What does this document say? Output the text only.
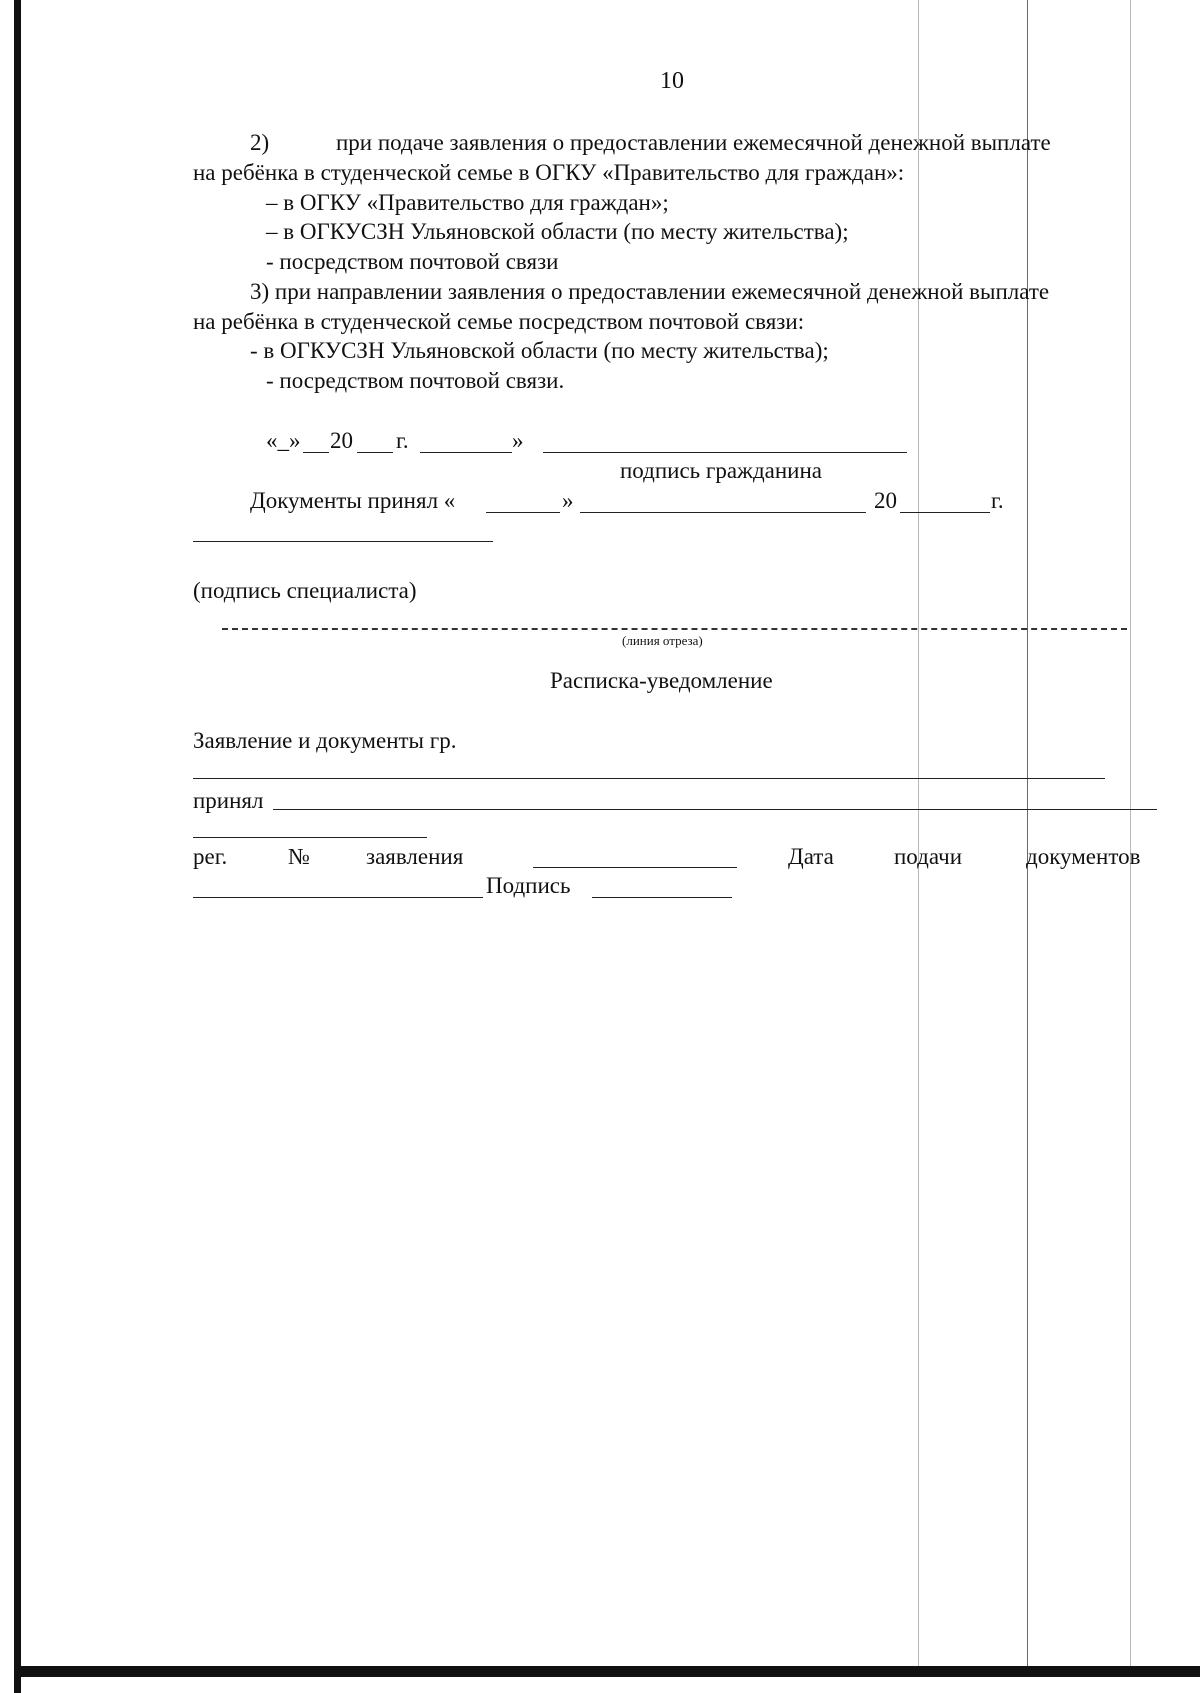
10
2)	при подаче заявления о предоставлении ежемесячной денежной выплате
на ребёнка в студенческой семье в ОГКУ «Правительство для граждан»:
– в ОГКУ «Правительство для граждан»;
– в ОГКУСЗН Ульяновской области (по месту жительства);
- посредством почтовой связи
3) при направлении заявления о предоставлении ежемесячной денежной выплате
на ребёнка в студенческой семье посредством почтовой связи:
- в ОГКУСЗН Ульяновской области (по месту жительства);
- посредством почтовой связи.
«_» 20 г.	»
подпись гражданина
Документы принял «	»	20	г.
(подпись специалиста)
(линия отреза)
Расписка-уведомление
Заявление и документы гр.
принял
рег.	№ заявления	Дата	подачи	документов
Подпись
